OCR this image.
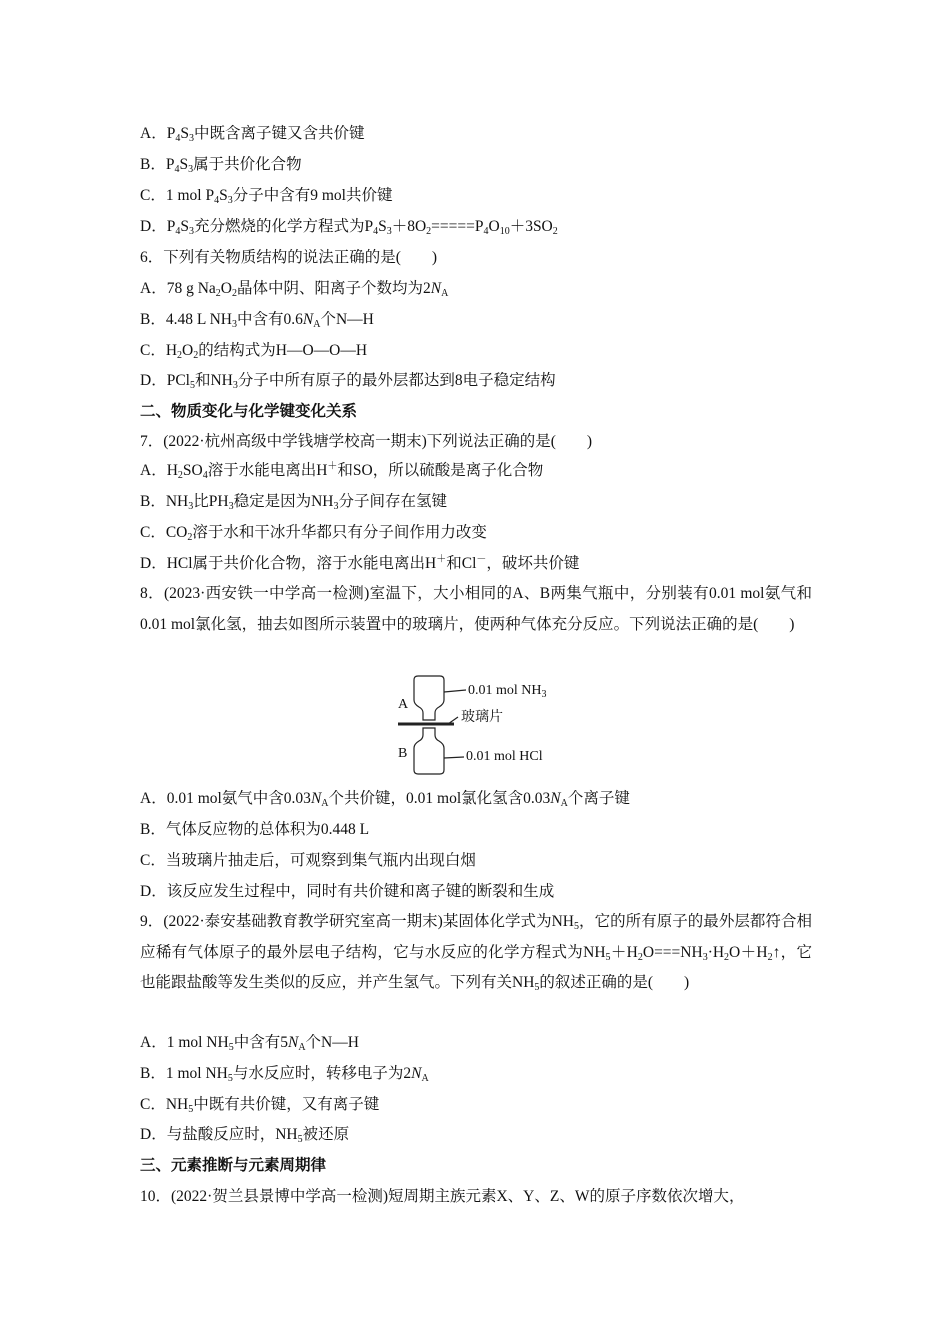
A．$P_4S_3$中既含离子键又含共价键
B．$P_4S_3$属于共价化合物
C．1 mol $P_4S_3$分子中含有9 mol共价键
D．$P_4S_3$充分燃烧的化学方程式为$P_4S_3+8O_2=====P_4O_{10}+3SO_2$
6．下列有关物质结构的说法正确的是(　　)
A．78 g $Na_2O_2$晶体中阴、阳离子个数均为$2N_A$
B．4.48 L $NH_3$中含有$0.6N_A$个N—H
C．$H_2O_2$的结构式为H—O—O—H
D．PCl$_5$和$NH_3$分子中所有原子的最外层都达到8电子稳定结构
二、物质变化与化学键变化关系
7．(2022·杭州高级中学钱塘学校高一期末)下列说法正确的是(　　)
A．$H_2SO_4$溶于水能电离出H＋和SO，所以硫酸是离子化合物
B．$NH_3$比$PH_3$稳定是因为$NH_3$分子间存在氢键
C．$CO_2$溶于水和干冰升华都只有分子间作用力改变
D．HCl属于共价化合物，溶于水能电离出H＋和Cl－，破坏共价键
8．(2023·西安铁一中学高一检测)室温下，大小相同的A、B两集气瓶中，分别装有0.01 mol氨气和0.01 mol氯化氢，抽去如图所示装置中的玻璃片，使两种气体充分反应。下列说法正确的是(　　)
A
B
0.01 mol $NH_3$
玻璃片
0.01 mol HCl
A．0.01 mol氨气中含$0.03N_A$个共价键，0.01 mol氯化氢含$0.03N_A$个离子键
B．气体反应物的总体积为0.448 L
C．当玻璃片抽走后，可观察到集气瓶内出现白烟
D．该反应发生过程中，同时有共价键和离子键的断裂和生成
9．(2022·泰安基础教育教学研究室高一期末)某固体化学式为$NH_5$，它的所有原子的最外层都符合相应稀有气体原子的最外层电子结构，它与水反应的化学方程式为$NH_5+H_2O===NH_3\cdot H_2O+H_2↑$，它也能跟盐酸等发生类似的反应，并产生氢气。下列有关$NH_5$的叙述正确的是(　　)
A．1 mol $NH_5$中含有$5N_A$个N—H
B．1 mol $NH_5$与水反应时，转移电子为$2N_A$
C．$NH_5$中既有共价键，又有离子键
D．与盐酸反应时，$NH_5$被还原
三、元素推断与元素周期律
10．(2022·贺兰县景博中学高一检测)短周期主族元素X、Y、Z、W的原子序数依次增大，
